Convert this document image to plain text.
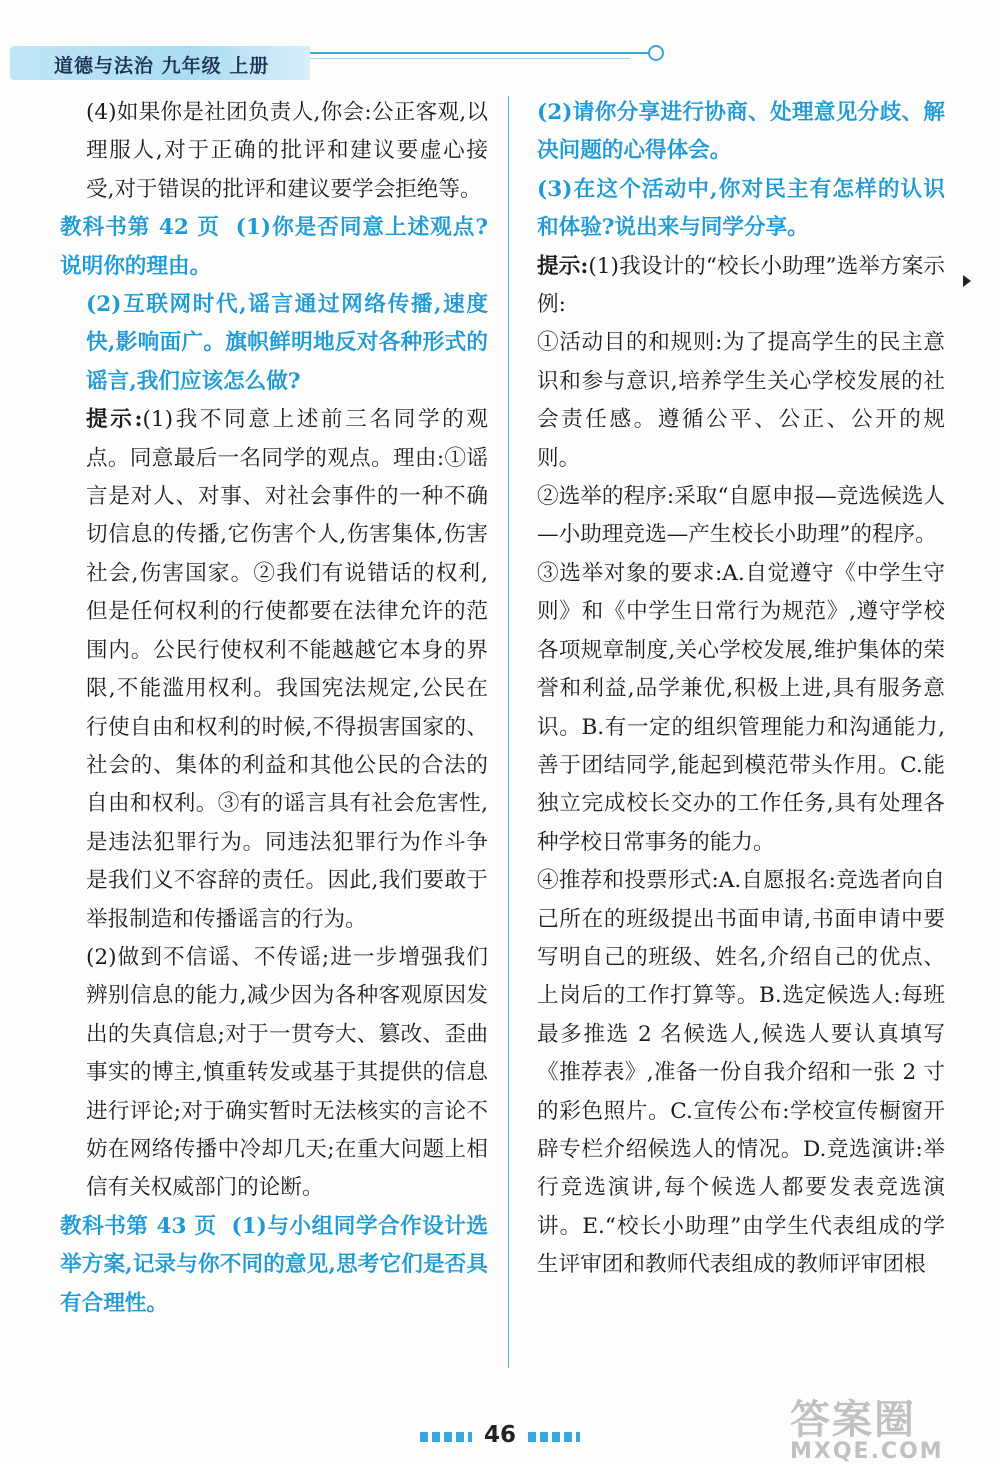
道德与法治 九年级 上册

(4)如果你是社团负责人,你会:公正客观,以理服人,对于正确的批评和建议要虚心接受,对于错误的批评和建议要学会拒绝等。

教科书第 42 页 (1)你是否同意上述观点?说明你的理由。

(2)互联网时代,谣言通过网络传播,速度快,影响面广。旗帜鲜明地反对各种形式的谣言,我们应该怎么做?

提示:(1)我不同意上述前三名同学的观点。同意最后一名同学的观点。理由:①谣言是对人、对事、对社会事件的一种不确切信息的传播,它伤害个人,伤害集体,伤害社会,伤害国家。②我们有说错话的权利,但是任何权利的行使都要在法律允许的范围内。公民行使权利不能越越它本身的界限,不能滥用权利。我国宪法规定,公民在行使自由和权利的时候,不得损害国家的、社会的、集体的利益和其他公民的合法的自由和权利。③有的谣言具有社会危害性,是违法犯罪行为。同违法犯罪行为作斗争是我们义不容辞的责任。因此,我们要敢于举报制造和传播谣言的行为。

(2)做到不信谣、不传谣;进一步增强我们辨别信息的能力,减少因为各种客观原因发出的失真信息;对于一贯夸大、篡改、歪曲事实的博主,慎重转发或基于其提供的信息进行评论;对于确实暂时无法核实的言论不妨在网络传播中冷却几天;在重大问题上相信有关权威部门的论断。

教科书第 43 页 (1)与小组同学合作设计选举方案,记录与你不同的意见,思考它们是否具有合理性。

(2)请你分享进行协商、处理意见分歧、解决问题的心得体会。

(3)在这个活动中,你对民主有怎样的认识和体验?说出来与同学分享。

提示:(1)我设计的“校长小助理”选举方案示例:

①活动目的和规则:为了提高学生的民主意识和参与意识,培养学生关心学校发展的社会责任感。遵循公平、公正、公开的规则。

②选举的程序:采取“自愿申报—竞选候选人—小助理竞选—产生校长小助理”的程序。

③选举对象的要求:A.自觉遵守《中学生守则》和《中学生日常行为规范》,遵守学校各项规章制度,关心学校发展,维护集体的荣誉和利益,品学兼优,积极上进,具有服务意识。B.有一定的组织管理能力和沟通能力,善于团结同学,能起到模范带头作用。C.能独立完成校长交办的工作任务,具有处理各种学校日常事务的能力。

④推荐和投票形式:A.自愿报名:竞选者向自己所在的班级提出书面申请,书面申请中要写明自己的班级、姓名,介绍自己的优点、上岗后的工作打算等。B.选定候选人:每班最多推选 2 名候选人,候选人要认真填写《推荐表》,准备一份自我介绍和一张 2 寸的彩色照片。C.宣传公布:学校宣传橱窗开辟专栏介绍候选人的情况。D.竞选演讲:举行竞选演讲,每个候选人都要发表竞选演讲。E.“校长小助理”由学生代表组成的学生评审团和教师代表组成的教师评审团根

46	答案圈
MXQE.COM
